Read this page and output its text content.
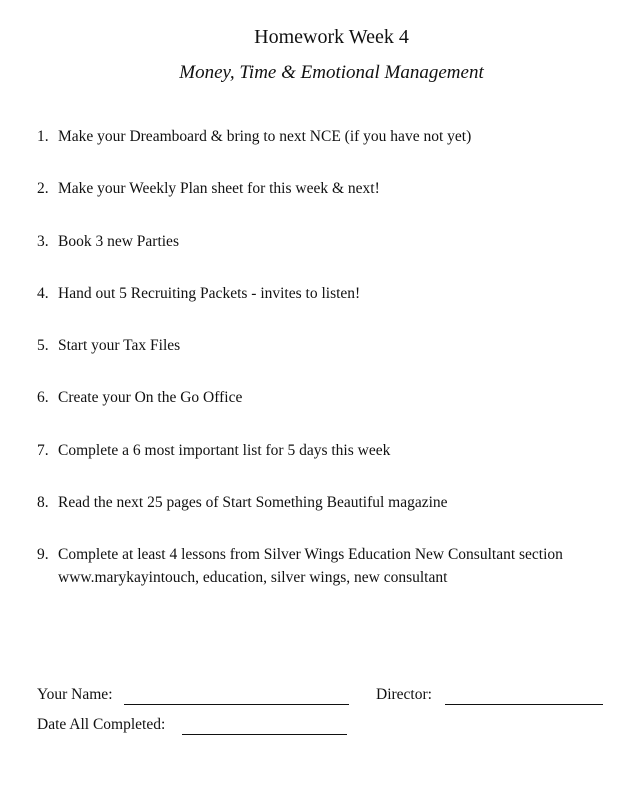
Homework Week 4
Money, Time & Emotional Management
1. Make your Dreamboard & bring to next NCE (if you have not yet)
2. Make your Weekly Plan sheet for this week & next!
3. Book 3 new Parties
4. Hand out 5 Recruiting Packets - invites to listen!
5. Start your Tax Files
6. Create your On the Go Office
7. Complete a 6 most important list for 5 days this week
8. Read the next 25 pages of Start Something Beautiful magazine
9. Complete at least 4 lessons from Silver Wings Education New Consultant section
www.marykayintouch, education, silver wings, new consultant
Your Name:	Director:
Date All Completed:
